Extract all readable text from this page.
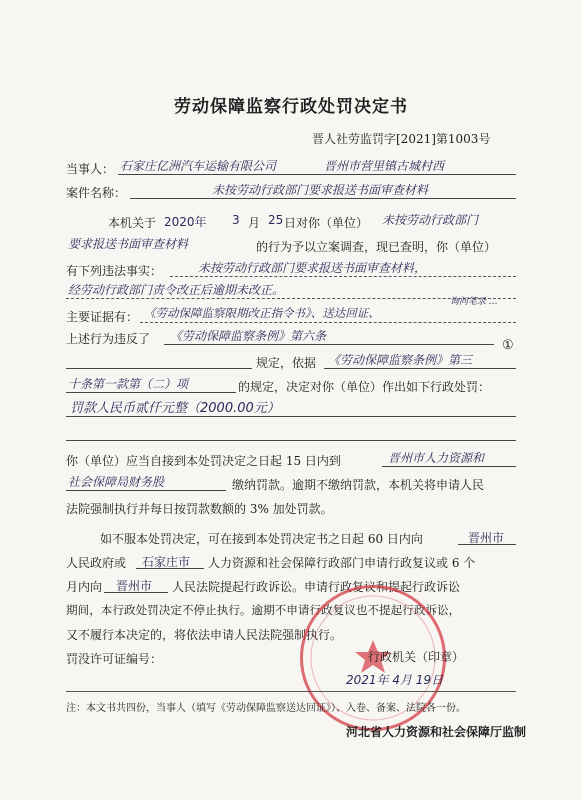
劳动保障监察行政处罚决定书
晋人社劳监罚字[2021]第1003号
当事人： 石家庄亿洲汽车运输有限公司	晋州市营里镇古城村西
案件名称：	未按劳动行政部门要求报送书面审查材料
本机关于 2020年 3 月 25 日对你（单位） 未按劳动行政部门
要求报送书面审查材料	的行为予以立案调查，现已查明，你（单位）
有下列违法事实：	未按劳动行政部门要求报送书面审查材料，
经劳动行政部门责令改正后逾期未改正。
主要证据有： 《劳动保障监察限期改正指令书》、送达回证、
询问笔录 …
上述行为违反了 《劳动保障监察条例》第六条
①
规定，依据 《劳动保障监察条例》第三
十条第一款第（二）项	的规定，决定对你（单位）作出如下行政处罚：
罚款人民币贰仟元整（2000.00元）
你（单位）应当自接到本处罚决定之日起 15 日内到	晋州市人力资源和
社会保障局财务股	缴纳罚款。逾期不缴纳罚款，本机关将申请人民
法院强制执行并每日按罚款数额的 3% 加处罚款。
如不服本处罚决定，可在接到本处罚决定书之日起 60 日内向	晋州市
人民政府或 石家庄市 人力资源和社会保障行政部门申请行政复议或 6 个
月内向 晋州市 人民法院提起行政诉讼。申请行政复议和提起行政诉讼
期间，本行政处罚决定不停止执行。逾期不申请行政复议也不提起行政诉讼，
又不履行本决定的，将依法申请人民法院强制执行。
罚没许可证编号：	行政机关（印章）
2021年 4月 19日
注：本文书共四份，当事人（填写《劳动保障监察送达回证》）、入卷、备案、法院各一份。
河北省人力资源和社会保障厅监制
